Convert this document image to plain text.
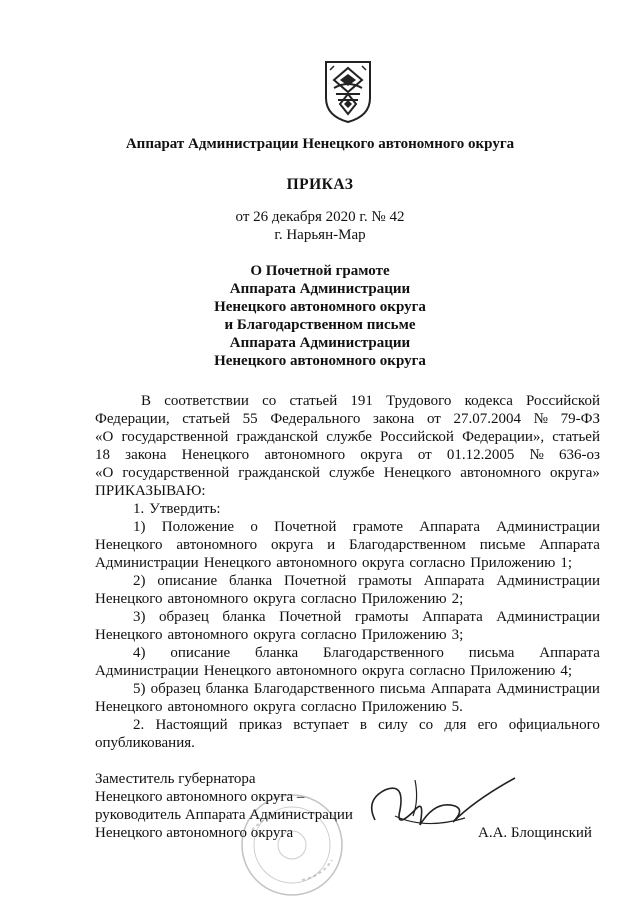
Аппарат Администрации Ненецкого автономного округа
ПРИКАЗ
от 26 декабря 2020 г. № 42
г. Нарьян-Мар
О Почетной грамоте
Аппарата Администрации
Ненецкого автономного округа
и Благодарственном письме
Аппарата Администрации
Ненецкого автономного округа
В соответствии со статьей 191 Трудового кодекса Российской
Федерации, статьей 55 Федерального закона от 27.07.2004 № 79-ФЗ
«О государственной гражданской службе Российской Федерации», статьей
18 закона Ненецкого автономного округа от 01.12.2005 № 636-оз
«О государственной гражданской службе Ненецкого автономного округа»
ПРИКАЗЫВАЮ:
1. Утвердить:
1) Положение о Почетной грамоте Аппарата Администрации
Ненецкого автономного округа и Благодарственном письме Аппарата
Администрации Ненецкого автономного округа согласно Приложению 1;
2) описание бланка Почетной грамоты Аппарата Администрации
Ненецкого автономного округа согласно Приложению 2;
3) образец бланка Почетной грамоты Аппарата Администрации
Ненецкого автономного округа согласно Приложению 3;
4) описание бланка Благодарственного письма Аппарата
Администрации Ненецкого автономного округа согласно Приложению 4;
5) образец бланка Благодарственного письма Аппарата Администрации
Ненецкого автономного округа согласно Приложению 5.
2. Настоящий приказ вступает в силу со для его официального
опубликования.
Заместитель губернатора
Ненецкого автономного округа –
руководитель Аппарата Администрации
Ненецкого автономного округа	А.А. Блощинский
